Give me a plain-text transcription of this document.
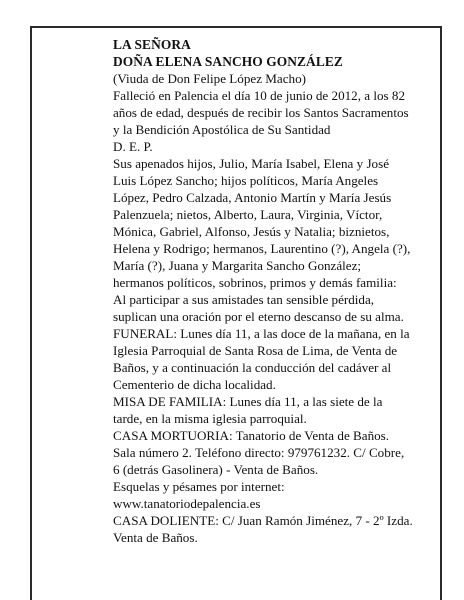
LA SEÑORA

DOÑA ELENA SANCHO GONZÁLEZ

(Viuda de Don Felipe López Macho)

Falleció en Palencia el día 10 de junio de 2012, a los 82 años de edad, después de recibir los Santos Sacramentos y la Bendición Apostólica de Su Santidad

D. E. P.

Sus apenados hijos, Julio, María Isabel, Elena y José Luis López Sancho; hijos políticos, María Angeles López, Pedro Calzada, Antonio Martín y María Jesús Palenzuela; nietos, Alberto, Laura, Virginia, Víctor, Mónica, Gabriel, Alfonso, Jesús y Natalia; biznietos, Helena y Rodrigo; hermanos, Laurentino (?), Angela (?), María (?), Juana y Margarita Sancho González; hermanos políticos, sobrinos, primos y demás familia:

Al participar a sus amistades tan sensible pérdida, suplican una oración por el eterno descanso de su alma.

FUNERAL: Lunes día 11, a las doce de la mañana, en la Iglesia Parroquial de Santa Rosa de Lima, de Venta de Baños, y a continuación la conducción del cadáver al Cementerio de dicha localidad.

MISA DE FAMILIA: Lunes día 11, a las siete de la tarde, en la misma iglesia parroquial.

CASA MORTUORIA: Tanatorio de Venta de Baños. Sala número 2. Teléfono directo: 979761232. C/ Cobre, 6 (detrás Gasolinera) - Venta de Baños.

Esquelas y pésames por internet:

www.tanatoriodepalencia.es

CASA DOLIENTE: C/ Juan Ramón Jiménez, 7 - 2º Izda. Venta de Baños.
